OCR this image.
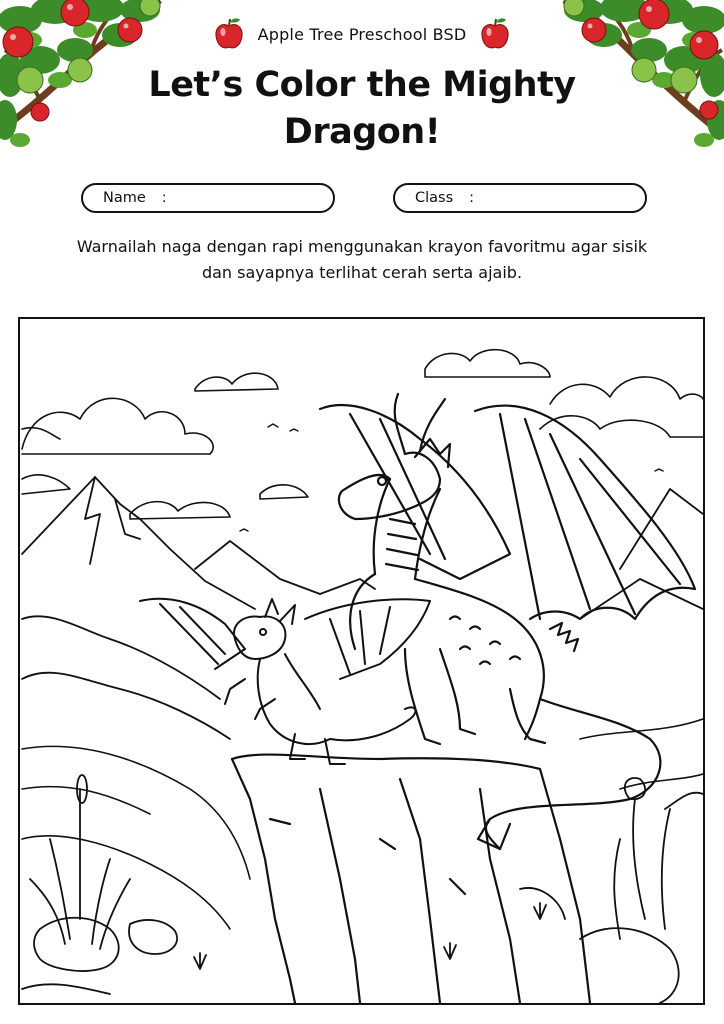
Apple Tree Preschool BSD
Let’s Color the Mighty
Dragon!
Name :	Class :
Warnailah naga dengan rapi menggunakan krayon favoritmu agar sisik dan sayapnya terlihat cerah serta ajaib.
